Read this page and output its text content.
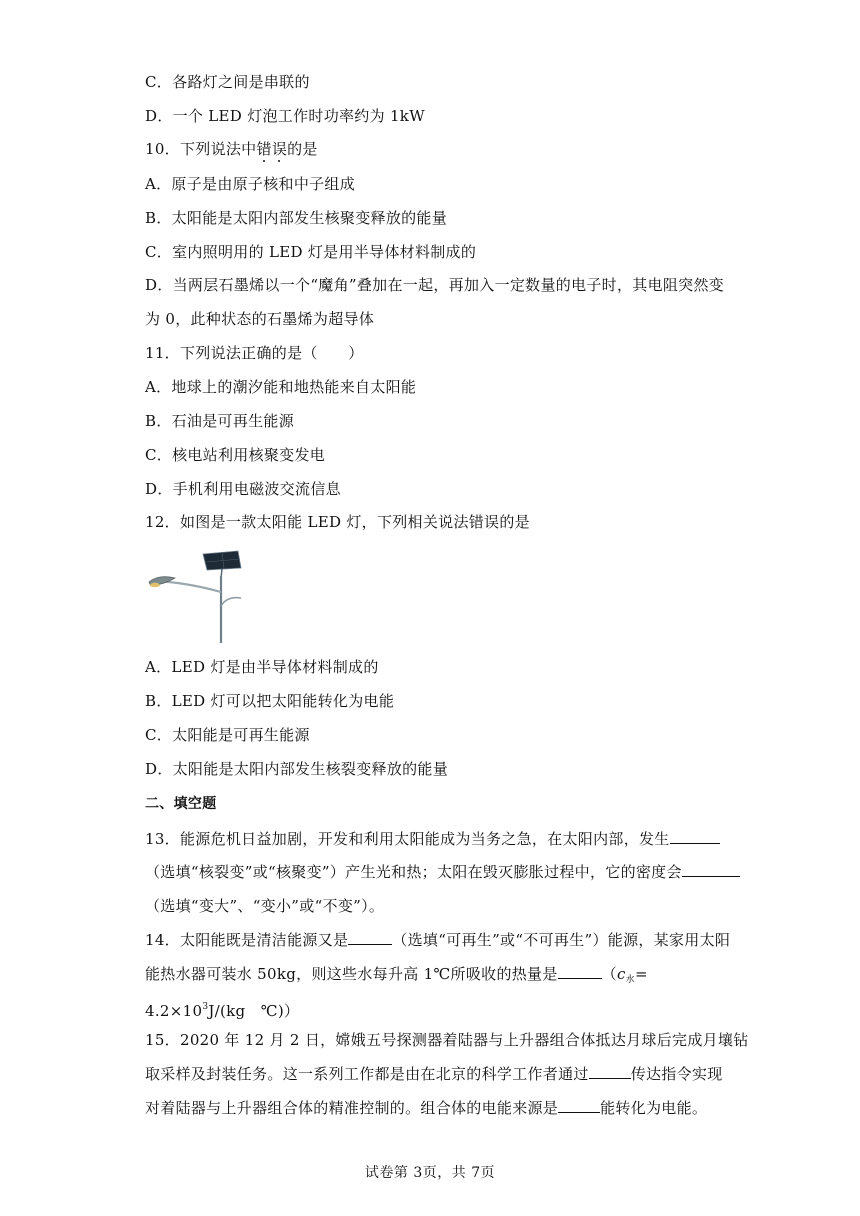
C．各路灯之间是串联的
D．一个 LED 灯泡工作时功率约为 1kW
10．下列说法中错误的是
A．原子是由原子核和中子组成
B．太阳能是太阳内部发生核聚变释放的能量
C．室内照明用的 LED 灯是用半导体材料制成的
D．当两层石墨烯以一个“魔角”叠加在一起，再加入一定数量的电子时，其电阻突然变
为 0，此种状态的石墨烯为超导体
11．下列说法正确的是（　　）
A．地球上的潮汐能和地热能来自太阳能
B．石油是可再生能源
C．核电站利用核聚变发电
D．手机利用电磁波交流信息
12．如图是一款太阳能 LED 灯，下列相关说法错误的是
A．LED 灯是由半导体材料制成的
B．LED 灯可以把太阳能转化为电能
C．太阳能是可再生能源
D．太阳能是太阳内部发生核裂变释放的能量
二、填空题
13．能源危机日益加剧，开发和利用太阳能成为当务之急，在太阳内部，发生
（选填“核裂变”或“核聚变”）产生光和热；太阳在毁灭膨胀过程中，它的密度会
（选填“变大”、“变小”或“不变”）。
14．太阳能既是清洁能源又是	（选填“可再生”或“不可再生”）能源，某家用太阳
能热水器可装水 50kg，则这些水每升高 1℃所吸收的热量是	（$c_水=$
$4.2\times 10^3J/(kg$　℃)）
15．2020 年 12 月 2 日，嫦娥五号探测器着陆器与上升器组合体抵达月球后完成月壤钻
取采样及封装任务。这一系列工作都是由在北京的科学工作者通过	传达指令实现
对着陆器与上升器组合体的精准控制的。组合体的电能来源是	能转化为电能。
试卷第 3页，共 7页
